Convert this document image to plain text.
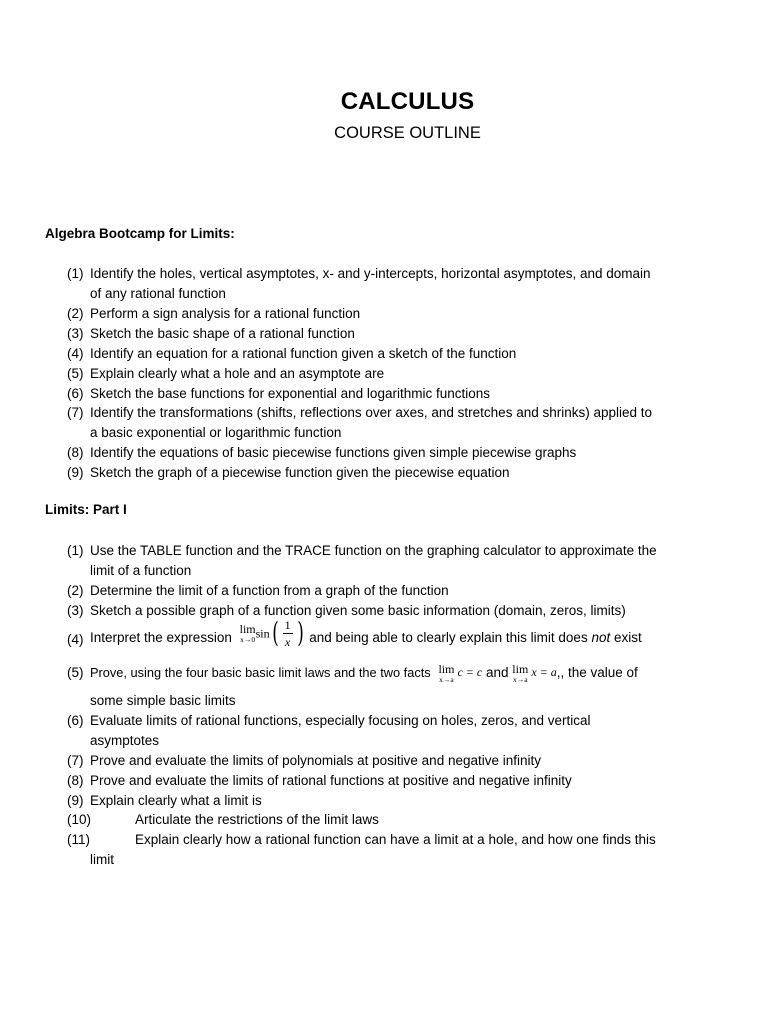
CALCULUS
COURSE OUTLINE
Algebra Bootcamp for Limits:
(1) Identify the holes, vertical asymptotes, x- and y-intercepts, horizontal asymptotes, and domain
of any rational function
(2) Perform a sign analysis for a rational function
(3) Sketch the basic shape of a rational function
(4) Identify an equation for a rational function given a sketch of the function
(5) Explain clearly what a hole and an asymptote are
(6) Sketch the base functions for exponential and logarithmic functions
(7) Identify the transformations (shifts, reflections over axes, and stretches and shrinks) applied to
a basic exponential or logarithmic function
(8) Identify the equations of basic piecewise functions given simple piecewise graphs
(9) Sketch the graph of a piecewise function given the piecewise equation
Limits: Part I
(1) Use the TABLE function and the TRACE function on the graphing calculator to approximate the
limit of a function
(2) Determine the limit of a function from a graph of the function
(3) Sketch a possible graph of a function given some basic information (domain, zeros, limits)
(4) Interpret the expression
lim
x→0 $\sin( \frac{1}{x}$ ) and being able to clearly explain this limit does not exist
(5) Prove, using the four basic basic limit laws and the two facts lim
x→a
c = c and lim
x→a
x = a,, the value of
some simple basic limits
(6) Evaluate limits of rational functions, especially focusing on holes, zeros, and vertical
asymptotes
(7) Prove and evaluate the limits of polynomials at positive and negative infinity
(8) Prove and evaluate the limits of rational functions at positive and negative infinity
(9) Explain clearly what a limit is
(10)	Articulate the restrictions of the limit laws
(11)	Explain clearly how a rational function can have a limit at a hole, and how one finds this
limit
